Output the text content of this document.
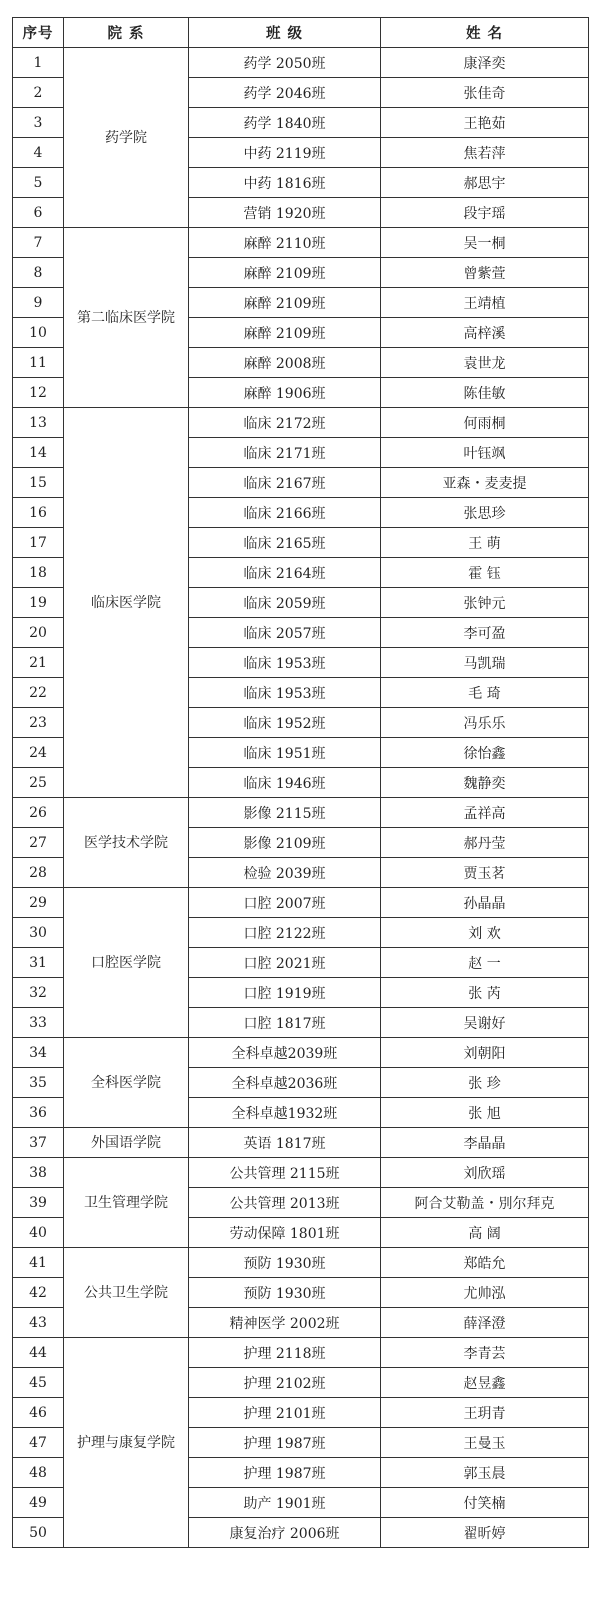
序号	院 系	班 级	姓 名
1	药学院	药学 2050班	康泽奕
2		药学 2046班	张佳奇
3		药学 1840班	王艳茹
4		中药 2119班	焦若萍
5		中药 1816班	郝思宇
6		营销 1920班	段宇瑶
7	第二临床医学院	麻醉 2110班	吴一桐
8		麻醉 2109班	曾紫萱
9		麻醉 2109班	王靖植
10		麻醉 2109班	高梓溪
11		麻醉 2008班	袁世龙
12		麻醉 1906班	陈佳敏
13	临床医学院	临床 2172班	何雨桐
14		临床 2171班	叶钰飒
15		临床 2167班	亚森・麦麦提
16		临床 2166班	张思珍
17		临床 2165班	王 萌
18		临床 2164班	霍 钰
19		临床 2059班	张钟元
20		临床 2057班	李可盈
21		临床 1953班	马凯瑞
22		临床 1953班	毛 琦
23		临床 1952班	冯乐乐
24		临床 1951班	徐怡鑫
25		临床 1946班	魏静奕
26	医学技术学院	影像 2115班	孟祥高
27		影像 2109班	郝丹莹
28		检验 2039班	贾玉茗
29	口腔医学院	口腔 2007班	孙晶晶
30		口腔 2122班	刘 欢
31		口腔 2021班	赵 一
32		口腔 1919班	张 芮
33		口腔 1817班	吴谢好
34	全科医学院	全科卓越2039班	刘朝阳
35		全科卓越2036班	张 珍
36		全科卓越1932班	张 旭
37	外国语学院	英语 1817班	李晶晶
38	卫生管理学院	公共管理 2115班	刘欣瑶
39		公共管理 2013班	阿合艾勒盖・別尔拜克
40		劳动保障 1801班	高 阔
41	公共卫生学院	预防 1930班	郑皓允
42		预防 1930班	尤帅泓
43		精神医学 2002班	薛泽澄
44	护理与康复学院	护理 2118班	李青芸
45		护理 2102班	赵昱鑫
46		护理 2101班	王玥青
47		护理 1987班	王曼玉
48		护理 1987班	郭玉晨
49		助产 1901班	付笑楠
50		康复治疗 2006班	翟昕婷
